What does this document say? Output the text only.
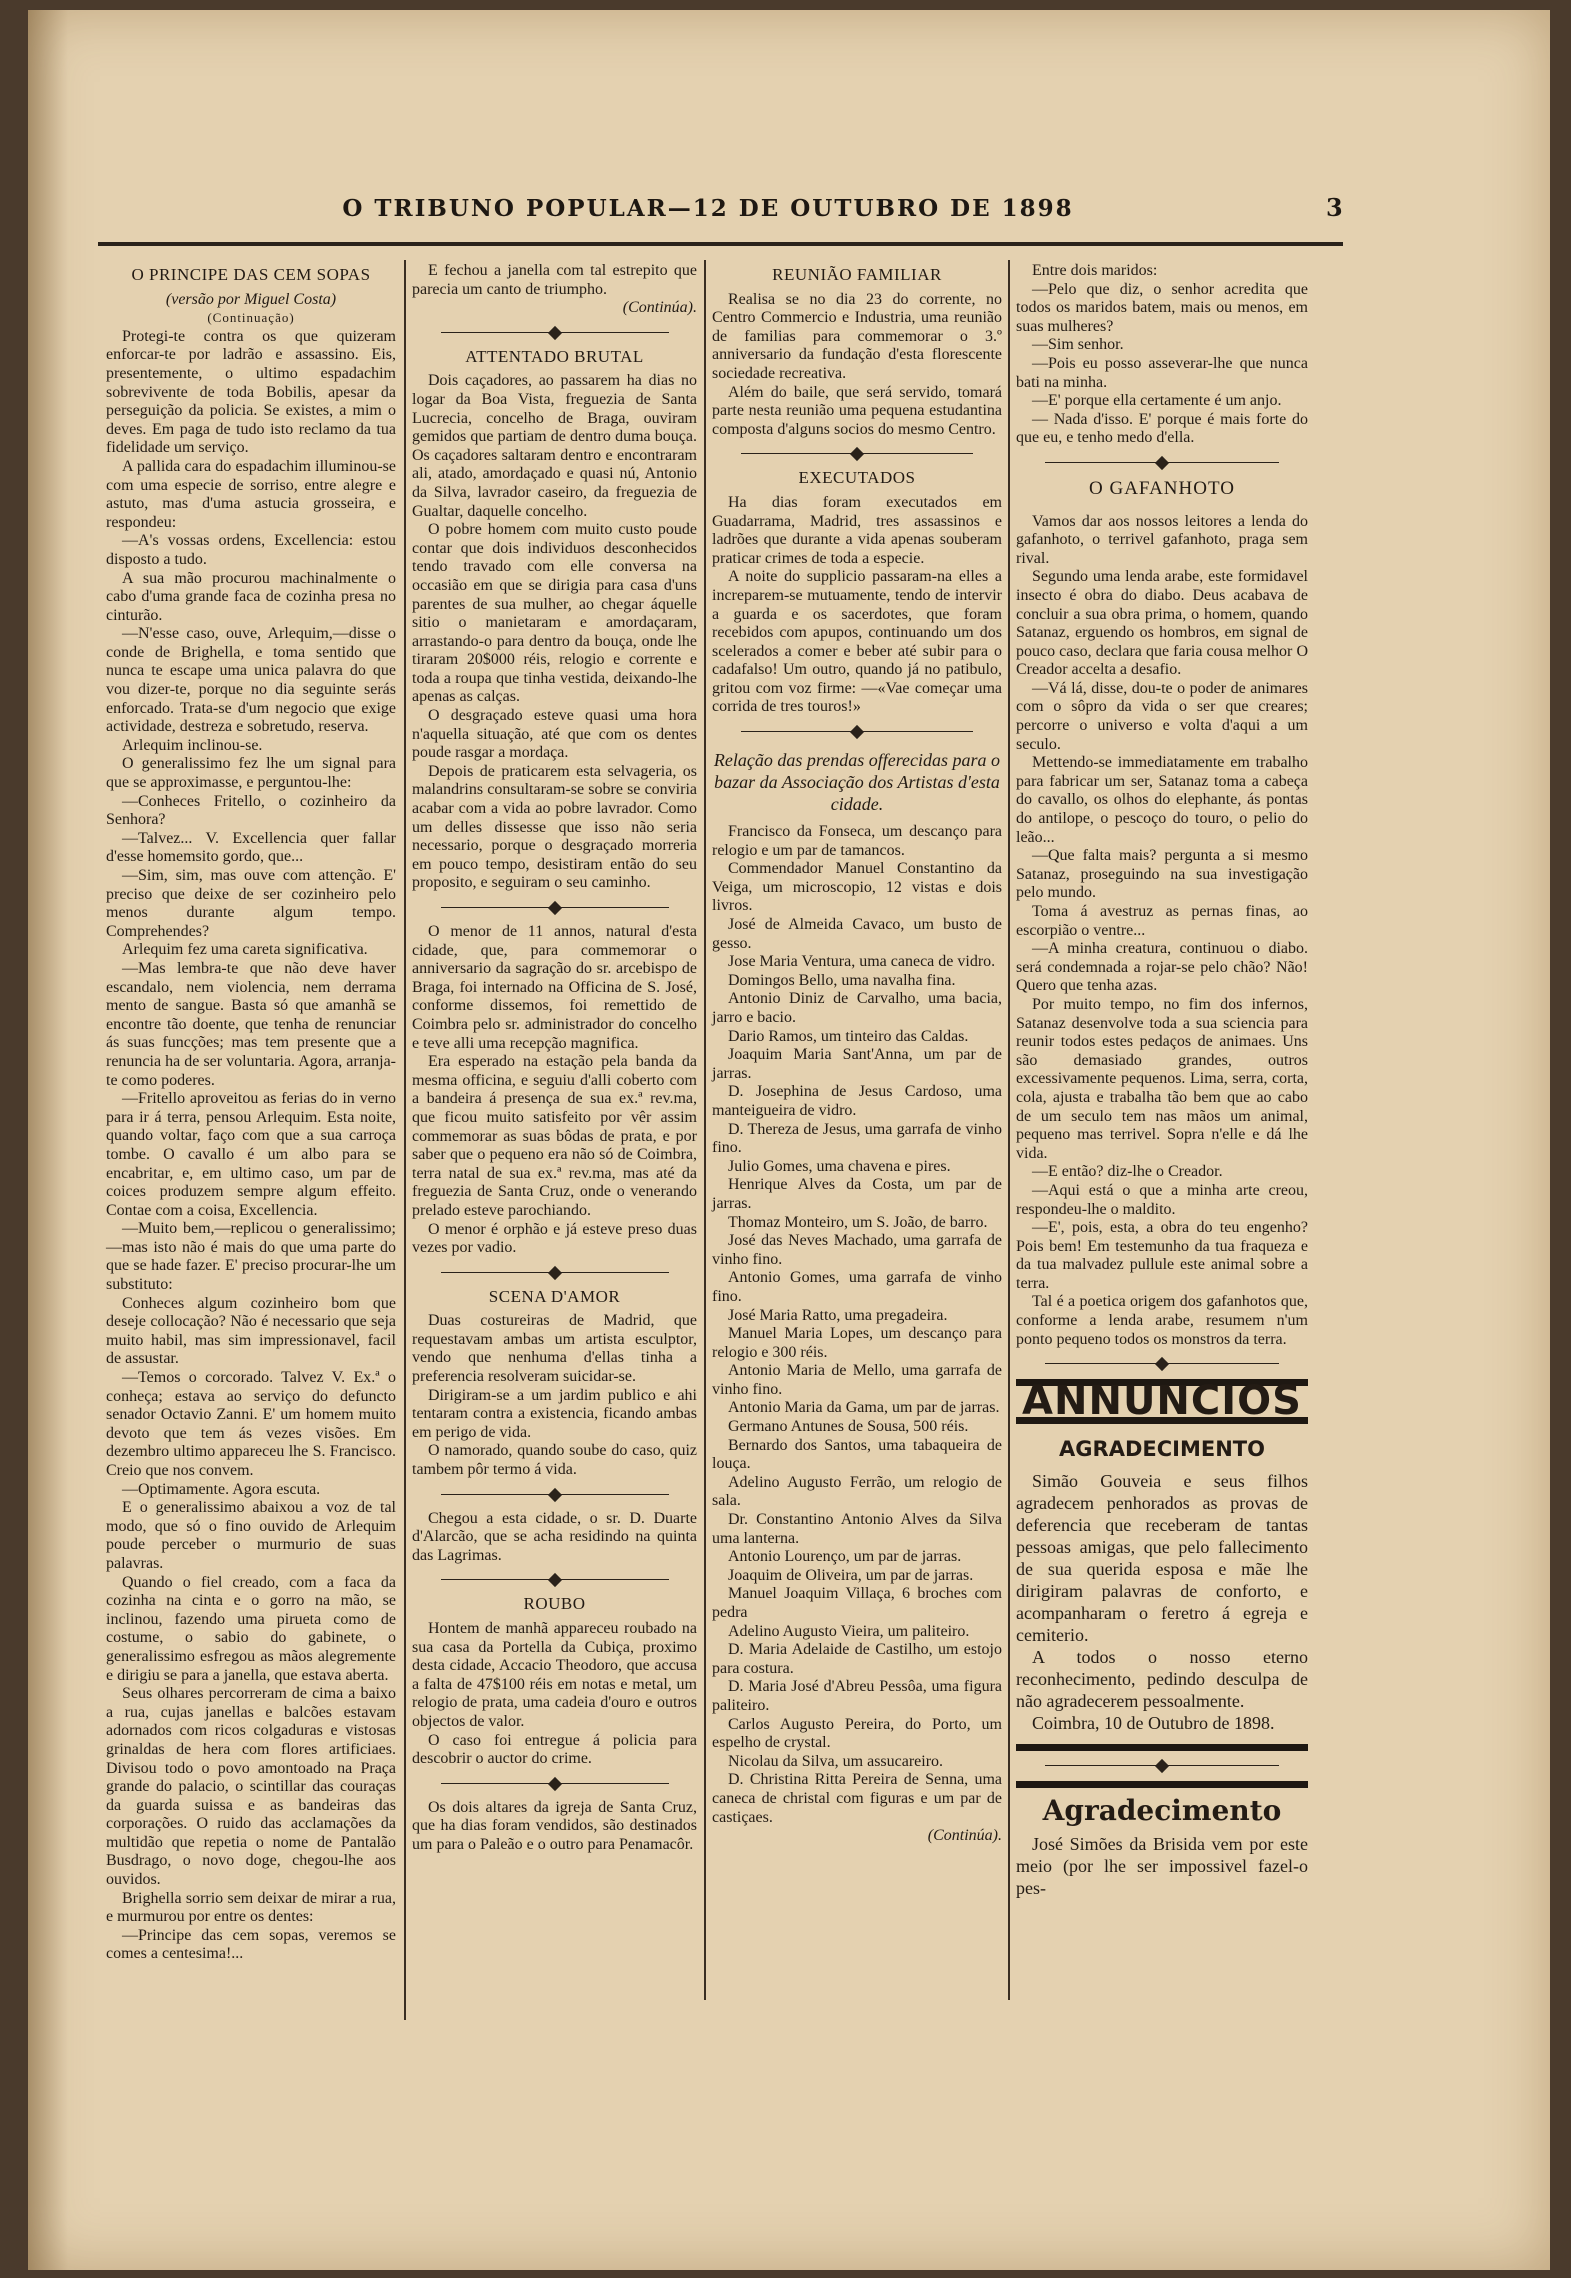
O TRIBUNO POPULAR—12 DE OUTUBRO DE 1898	3
O PRINCIPE DAS CEM SOPAS

(versão por Miguel Costa)

(Continuação)

Protegi-te contra os que quizeram enforcar-te por ladrão e assassino. Eis, presentemente, o ultimo espadachim sobrevivente de toda Bobilis, apesar da perseguição da policia. Se existes, a mim o deves. Em paga de tudo isto reclamo da tua fidelidade um serviço.

A pallida cara do espadachim illuminou-se com uma especie de sorriso, entre alegre e astuto, mas d'uma astucia grosseira, e respondeu:

—A's vossas ordens, Excellencia: estou disposto a tudo.

A sua mão procurou machinalmente o cabo d'uma grande faca de cozinha presa no cinturão.

—N'esse caso, ouve, Arlequim,—disse o conde de Brighella, e toma sentido que nunca te escape uma unica palavra do que vou dizer-te, porque no dia seguinte serás enforcado. Trata-se d'um negocio que exige actividade, destreza e sobretudo, reserva.

Arlequim inclinou-se.

O generalissimo fez lhe um signal para que se approximasse, e perguntou-lhe:

—Conheces Fritello, o cozinheiro da Senhora?

—Talvez... V. Excellencia quer fallar d'esse homemsito gordo, que...

—Sim, sim, mas ouve com attenção. E' preciso que deixe de ser cozinheiro pelo menos durante algum tempo. Comprehendes?

Arlequim fez uma careta significativa.

—Mas lembra-te que não deve haver escandalo, nem violencia, nem derrama mento de sangue. Basta só que amanhã se encontre tão doente, que tenha de renunciar ás suas funcções; mas tem presente que a renuncia ha de ser voluntaria. Agora, arranja-te como poderes.

—Fritello aproveitou as ferias do in verno para ir á terra, pensou Arlequim. Esta noite, quando voltar, faço com que a sua carroça tombe. O cavallo é um albo para se encabritar, e, em ultimo caso, um par de coices produzem sempre algum effeito. Contae com a coisa, Excellencia.

—Muito bem,—replicou o generalissimo;—mas isto não é mais do que uma parte do que se hade fazer. E' preciso procurar-lhe um substituto:

Conheces algum cozinheiro bom que deseje collocação? Não é necessario que seja muito habil, mas sim impressionavel, facil de assustar.

—Temos o corcorado. Talvez V. Ex.ª o conheça; estava ao serviço do defuncto senador Octavio Zanni. E' um homem muito devoto que tem ás vezes visões. Em dezembro ultimo appareceu lhe S. Francisco. Creio que nos convem.

—Optimamente. Agora escuta.

E o generalissimo abaixou a voz de tal modo, que só o fino ouvido de Arlequim poude perceber o murmurio de suas palavras.

Quando o fiel creado, com a faca da cozinha na cinta e o gorro na mão, se inclinou, fazendo uma pirueta como de costume, o sabio do gabinete, o generalissimo esfregou as mãos alegremente e dirigiu se para a janella, que estava aberta.

Seus olhares percorreram de cima a baixo a rua, cujas janellas e balcões estavam adornados com ricos colgaduras e vistosas grinaldas de hera com flores artificiaes. Divisou todo o povo amontoado na Praça grande do palacio, o scintillar das couraças da guarda suissa e as bandeiras das corporações. O ruido das acclamações da multidão que repetia o nome de Pantalão Busdrago, o novo doge, chegou-lhe aos ouvidos.

Brighella sorrio sem deixar de mirar a rua, e murmurou por entre os dentes:

—Principe das cem sopas, veremos se comes a centesima!...

E fechou a janella com tal estrepito que parecia um canto de triumpho.

(Continúa).

ATTENTADO BRUTAL

Dois caçadores, ao passarem ha dias no logar da Boa Vista, freguezia de Santa Lucrecia, concelho de Braga, ouviram gemidos que partiam de dentro duma bouça. Os caçadores saltaram dentro e encontraram ali, atado, amordaçado e quasi nú, Antonio da Silva, lavrador caseiro, da freguezia de Gualtar, daquelle concelho.

O pobre homem com muito custo poude contar que dois individuos desconhecidos tendo travado com elle conversa na occasião em que se dirigia para casa d'uns parentes de sua mulher, ao chegar áquelle sitio o manietaram e amordaçaram, arrastando-o para dentro da bouça, onde lhe tiraram 20$000 réis, relogio e corrente e toda a roupa que tinha vestida, deixando-lhe apenas as calças.

O desgraçado esteve quasi uma hora n'aquella situação, até que com os dentes poude rasgar a mordaça.

Depois de praticarem esta selvageria, os malandrins consultaram-se sobre se conviria acabar com a vida ao pobre lavrador. Como um delles dissesse que isso não seria necessario, porque o desgraçado morreria em pouco tempo, desistiram então do seu proposito, e seguiram o seu caminho.

O menor de 11 annos, natural d'esta cidade, que, para commemorar o anniversario da sagração do sr. arcebispo de Braga, foi internado na Officina de S. José, conforme dissemos, foi remettido de Coimbra pelo sr. administrador do concelho e teve alli uma recepção magnifica.

Era esperado na estação pela banda da mesma officina, e seguiu d'alli coberto com a bandeira á presença de sua ex.ª rev.ma, que ficou muito satisfeito por vêr assim commemorar as suas bôdas de prata, e por saber que o pequeno era não só de Coimbra, terra natal de sua ex.ª rev.ma, mas até da freguezia de Santa Cruz, onde o venerando prelado esteve parochiando.

O menor é orphão e já esteve preso duas vezes por vadio.

SCENA D'AMOR

Duas costureiras de Madrid, que requestavam ambas um artista esculptor, vendo que nenhuma d'ellas tinha a preferencia resolveram suicidar-se.

Dirigiram-se a um jardim publico e ahi tentaram contra a existencia, ficando ambas em perigo de vida.

O namorado, quando soube do caso, quiz tambem pôr termo á vida.

Chegou a esta cidade, o sr. D. Duarte d'Alarcão, que se acha residindo na quinta das Lagrimas.

ROUBO

Hontem de manhã appareceu roubado na sua casa da Portella da Cubiça, proximo desta cidade, Accacio Theodoro, que accusa a falta de 47$100 réis em notas e metal, um relogio de prata, uma cadeia d'ouro e outros objectos de valor.

O caso foi entregue á policia para descobrir o auctor do crime.

Os dois altares da igreja de Santa Cruz, que ha dias foram vendidos, são destinados um para o Paleão e o outro para Penamacôr.

REUNIÃO FAMILIAR

Realisa se no dia 23 do corrente, no Centro Commercio e Industria, uma reunião de familias para commemorar o 3.º anniversario da fundação d'esta florescente sociedade recreativa.

Além do baile, que será servido, tomará parte nesta reunião uma pequena estudantina composta d'alguns socios do mesmo Centro.

EXECUTADOS

Ha dias foram executados em Guadarrama, Madrid, tres assassinos e ladrões que durante a vida apenas souberam praticar crimes de toda a especie.

A noite do supplicio passaram-na elles a increparem-se mutuamente, tendo de intervir a guarda e os sacerdotes, que foram recebidos com apupos, continuando um dos scelerados a comer e beber até subir para o cadafalso! Um outro, quando já no patibulo, gritou com voz firme: —«Vae começar uma corrida de tres touros!»

Relação das prendas offerecidas para o bazar da Associação dos Artistas d'esta cidade.

Francisco da Fonseca, um descanço para relogio e um par de tamancos.

Commendador Manuel Constantino da Veiga, um microscopio, 12 vistas e dois livros.

José de Almeida Cavaco, um busto de gesso.

Jose Maria Ventura, uma caneca de vidro.

Domingos Bello, uma navalha fina.

Antonio Diniz de Carvalho, uma bacia, jarro e bacio.

Dario Ramos, um tinteiro das Caldas.

Joaquim Maria Sant'Anna, um par de jarras.

D. Josephina de Jesus Cardoso, uma manteigueira de vidro.

D. Thereza de Jesus, uma garrafa de vinho fino.

Julio Gomes, uma chavena e pires.

Henrique Alves da Costa, um par de jarras.

Thomaz Monteiro, um S. João, de barro.

José das Neves Machado, uma garrafa de vinho fino.

Antonio Gomes, uma garrafa de vinho fino.

José Maria Ratto, uma pregadeira.

Manuel Maria Lopes, um descanço para relogio e 300 réis.

Antonio Maria de Mello, uma garrafa de vinho fino.

Antonio Maria da Gama, um par de jarras.

Germano Antunes de Sousa, 500 réis.

Bernardo dos Santos, uma tabaqueira de louça.

Adelino Augusto Ferrão, um relogio de sala.

Dr. Constantino Antonio Alves da Silva uma lanterna.

Antonio Lourenço, um par de jarras.

Joaquim de Oliveira, um par de jarras.

Manuel Joaquim Villaça, 6 broches com pedra

Adelino Augusto Vieira, um paliteiro.

D. Maria Adelaide de Castilho, um estojo para costura.

D. Maria José d'Abreu Pessôa, uma figura paliteiro.

Carlos Augusto Pereira, do Porto, um espelho de crystal.

Nicolau da Silva, um assucareiro.

D. Christina Ritta Pereira de Senna, uma caneca de christal com figuras e um par de castiçaes.

(Continúa).

Entre dois maridos:

—Pelo que diz, o senhor acredita que todos os maridos batem, mais ou menos, em suas mulheres?

—Sim senhor.

—Pois eu posso asseverar-lhe que nunca bati na minha.

—E' porque ella certamente é um anjo.

— Nada d'isso. E' porque é mais forte do que eu, e tenho medo d'ella.

O GAFANHOTO

Vamos dar aos nossos leitores a lenda do gafanhoto, o terrivel gafanhoto, praga sem rival.

Segundo uma lenda arabe, este formidavel insecto é obra do diabo. Deus acabava de concluir a sua obra prima, o homem, quando Satanaz, erguendo os hombros, em signal de pouco caso, declara que faria cousa melhor O Creador accelta a desafio.

—Vá lá, disse, dou-te o poder de animares com o sôpro da vida o ser que creares; percorre o universo e volta d'aqui a um seculo.

Mettendo-se immediatamente em trabalho para fabricar um ser, Satanaz toma a cabeça do cavallo, os olhos do elephante, ás pontas do antilope, o pescoço do touro, o pelio do leão...

—Que falta mais? pergunta a si mesmo Satanaz, proseguindo na sua investigação pelo mundo.

Toma á avestruz as pernas finas, ao escorpião o ventre...

—A minha creatura, continuou o diabo. será condemnada a rojar-se pelo chão? Não! Quero que tenha azas.

Por muito tempo, no fim dos infernos, Satanaz desenvolve toda a sua sciencia para reunir todos estes pedaços de animaes. Uns são demasiado grandes, outros excessivamente pequenos. Lima, serra, corta, cola, ajusta e trabalha tão bem que ao cabo de um seculo tem nas mãos um animal, pequeno mas terrivel. Sopra n'elle e dá lhe vida.

—E então? diz-lhe o Creador.

—Aqui está o que a minha arte creou, respondeu-lhe o maldito.

—E', pois, esta, a obra do teu engenho? Pois bem! Em testemunho da tua fraqueza e da tua malvadez pullule este animal sobre a terra.

Tal é a poetica origem dos gafanhotos que, conforme a lenda arabe, resumem n'um ponto pequeno todos os monstros da terra.

ANNUNCIOS
AGRADECIMENTO

Simão Gouveia e seus filhos agradecem penhorados as provas de deferencia que receberam de tantas pessoas amigas, que pelo fallecimento de sua querida esposa e mãe lhe dirigiram palavras de conforto, e acompanharam o feretro á egreja e cemiterio.

A todos o nosso eterno reconhecimento, pedindo desculpa de não agradecerem pessoalmente.

Coimbra, 10 de Outubro de 1898.

Agradecimento

José Simões da Brisida vem por este meio (por lhe ser impossivel fazel-o pes-
